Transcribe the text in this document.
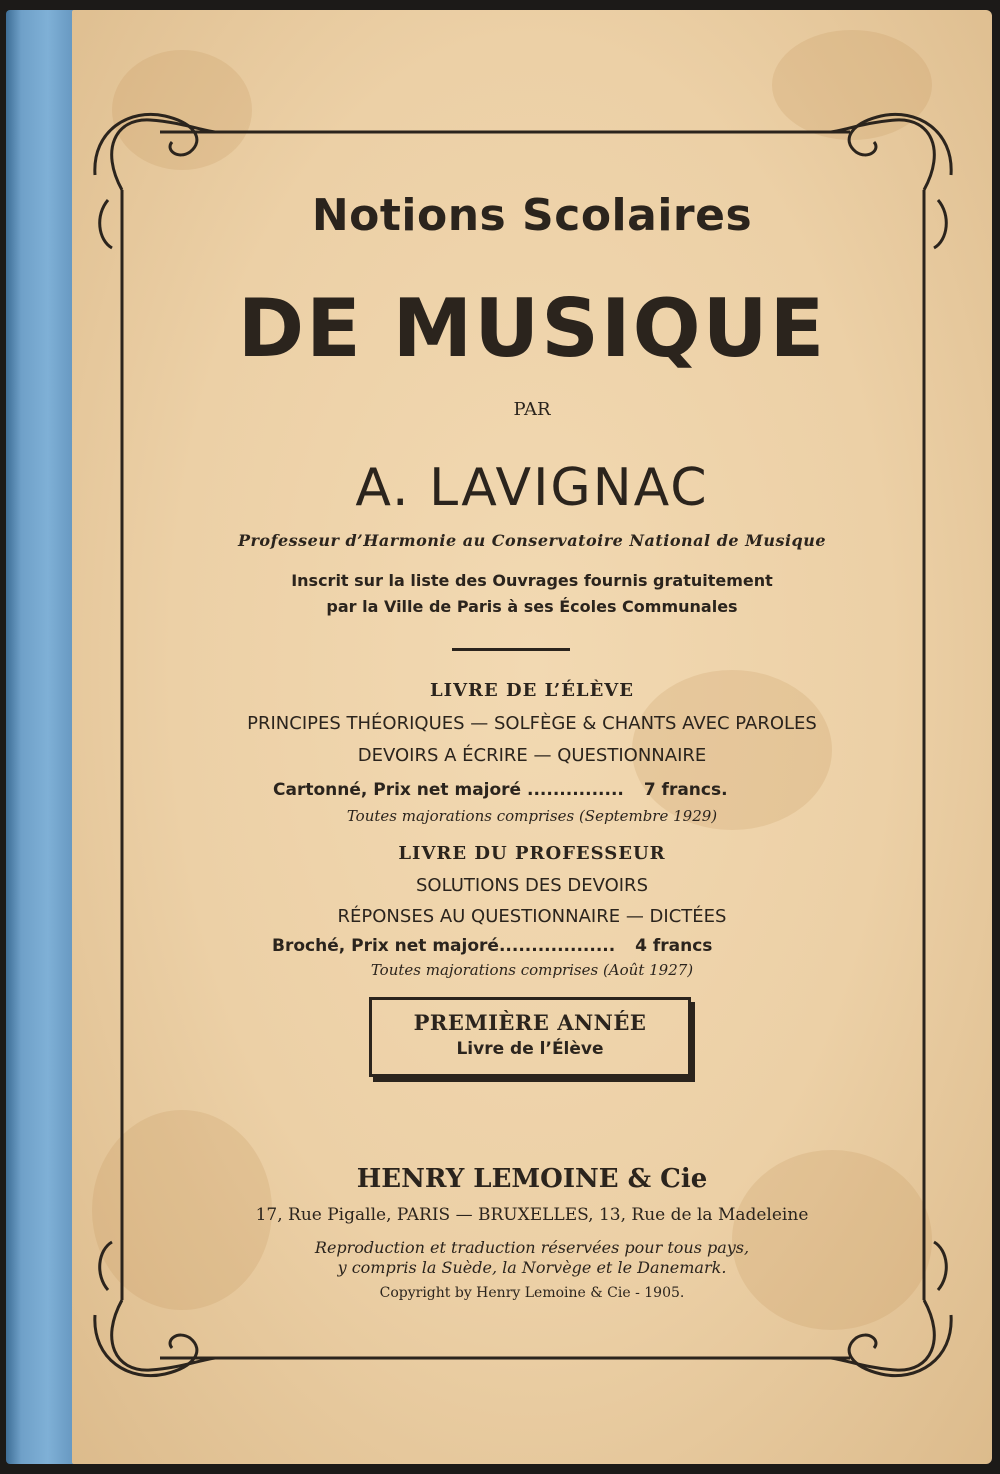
Notions Scolaires
DE MUSIQUE
PAR
A. LAVIGNAC
Professeur d’Harmonie au Conservatoire National de Musique
Inscrit sur la liste des Ouvrages fournis gratuitement
par la Ville de Paris à ses Écoles Communales
LIVRE DE L’ÉLÈVE
PRINCIPES THÉORIQUES — SOLFÈGE & CHANTS AVEC PAROLES
DEVOIRS A ÉCRIRE — QUESTIONNAIRE
Cartonné, Prix net majoré ............... 7 francs.
Toutes majorations comprises (Septembre 1929)
LIVRE DU PROFESSEUR
SOLUTIONS DES DEVOIRS
RÉPONSES AU QUESTIONNAIRE — DICTÉES
Broché, Prix net majoré.................. 4 francs
Toutes majorations comprises (Août 1927)
PREMIÈRE ANNÉE
Livre de l’Élève
HENRY LEMOINE & Cie
17, Rue Pigalle, PARIS — BRUXELLES, 13, Rue de la Madeleine
Reproduction et traduction réservées pour tous pays,
y compris la Suède, la Norvège et le Danemark.
Copyright by Henry Lemoine & Cie - 1905.
